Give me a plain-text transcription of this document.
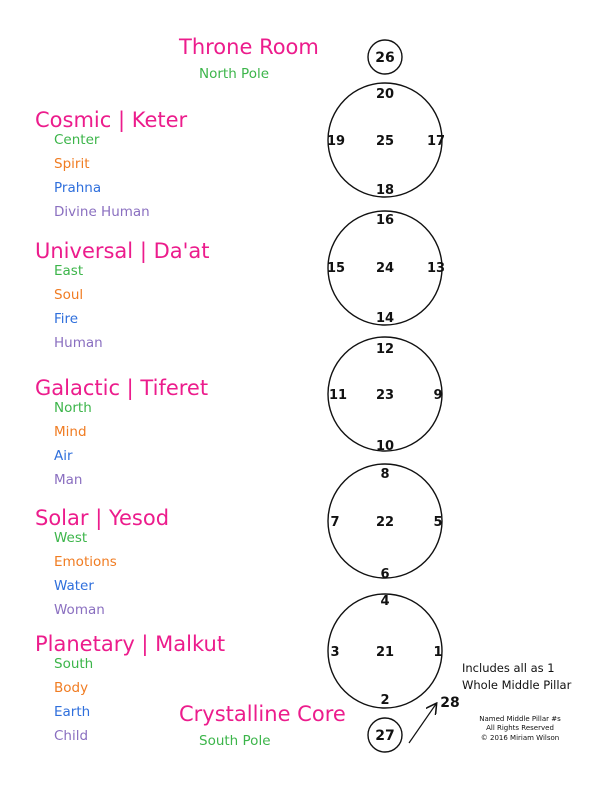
Throne Room
North Pole
Cosmic | Keter
Center
Spirit
Prahna
Divine Human
Universal | Da'at
East
Soul
Fire
Human
Galactic | Tiferet
North
Mind
Air
Man
Solar | Yesod
West
Emotions
Water
Woman
Planetary | Malkut
South
Body
Earth
Child
Crystalline Core
South Pole
26
20
19 25	17
18
16
15 24	13
14
12
11 23	9
10
8
7	22	5
6
4
3	21	1
2
27
28
Includes all as 1
Whole Middle Pillar
Named Middle Pillar #s
All Rights Reserved
© 2016 Miriam Wilson
